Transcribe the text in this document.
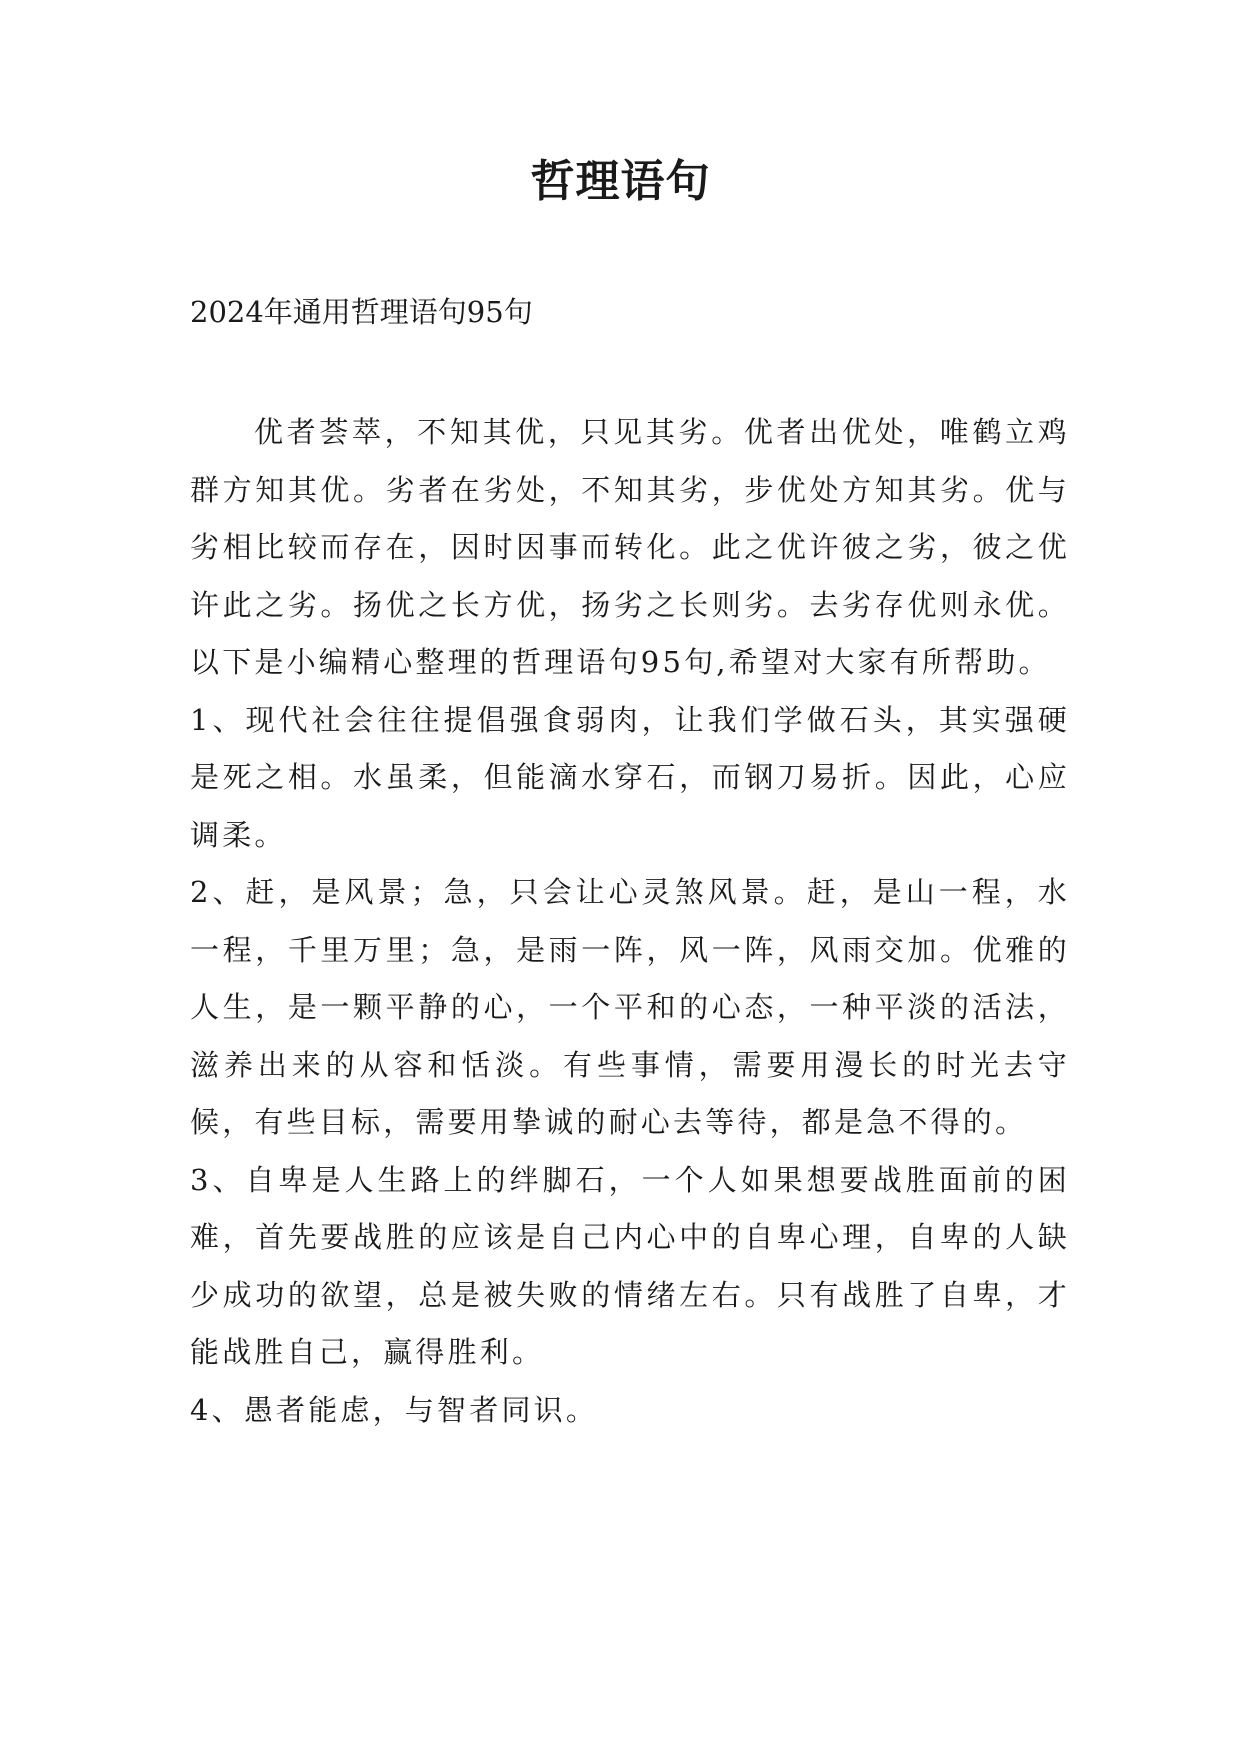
哲理语句

2024年通用哲理语句95句

优者荟萃，不知其优，只见其劣。优者出优处，唯鹤立鸡群方知其优。劣者在劣处，不知其劣，步优处方知其劣。优与劣相比较而存在，因时因事而转化。此之优许彼之劣，彼之优许此之劣。扬优之长方优，扬劣之长则劣。去劣存优则永优。以下是小编精心整理的哲理语句95句,希望对大家有所帮助。

1、现代社会往往提倡强食弱肉，让我们学做石头，其实强硬是死之相。水虽柔，但能滴水穿石，而钢刀易折。因此，心应调柔。

2、赶，是风景；急，只会让心灵煞风景。赶，是山一程，水一程，千里万里；急，是雨一阵，风一阵，风雨交加。优雅的人生，是一颗平静的心，一个平和的心态，一种平淡的活法，滋养出来的从容和恬淡。有些事情，需要用漫长的时光去守候，有些目标，需要用挚诚的耐心去等待，都是急不得的。

3、自卑是人生路上的绊脚石，一个人如果想要战胜面前的困难，首先要战胜的应该是自己内心中的自卑心理，自卑的人缺少成功的欲望，总是被失败的情绪左右。只有战胜了自卑，才能战胜自己，赢得胜利。

4、愚者能虑，与智者同识。
